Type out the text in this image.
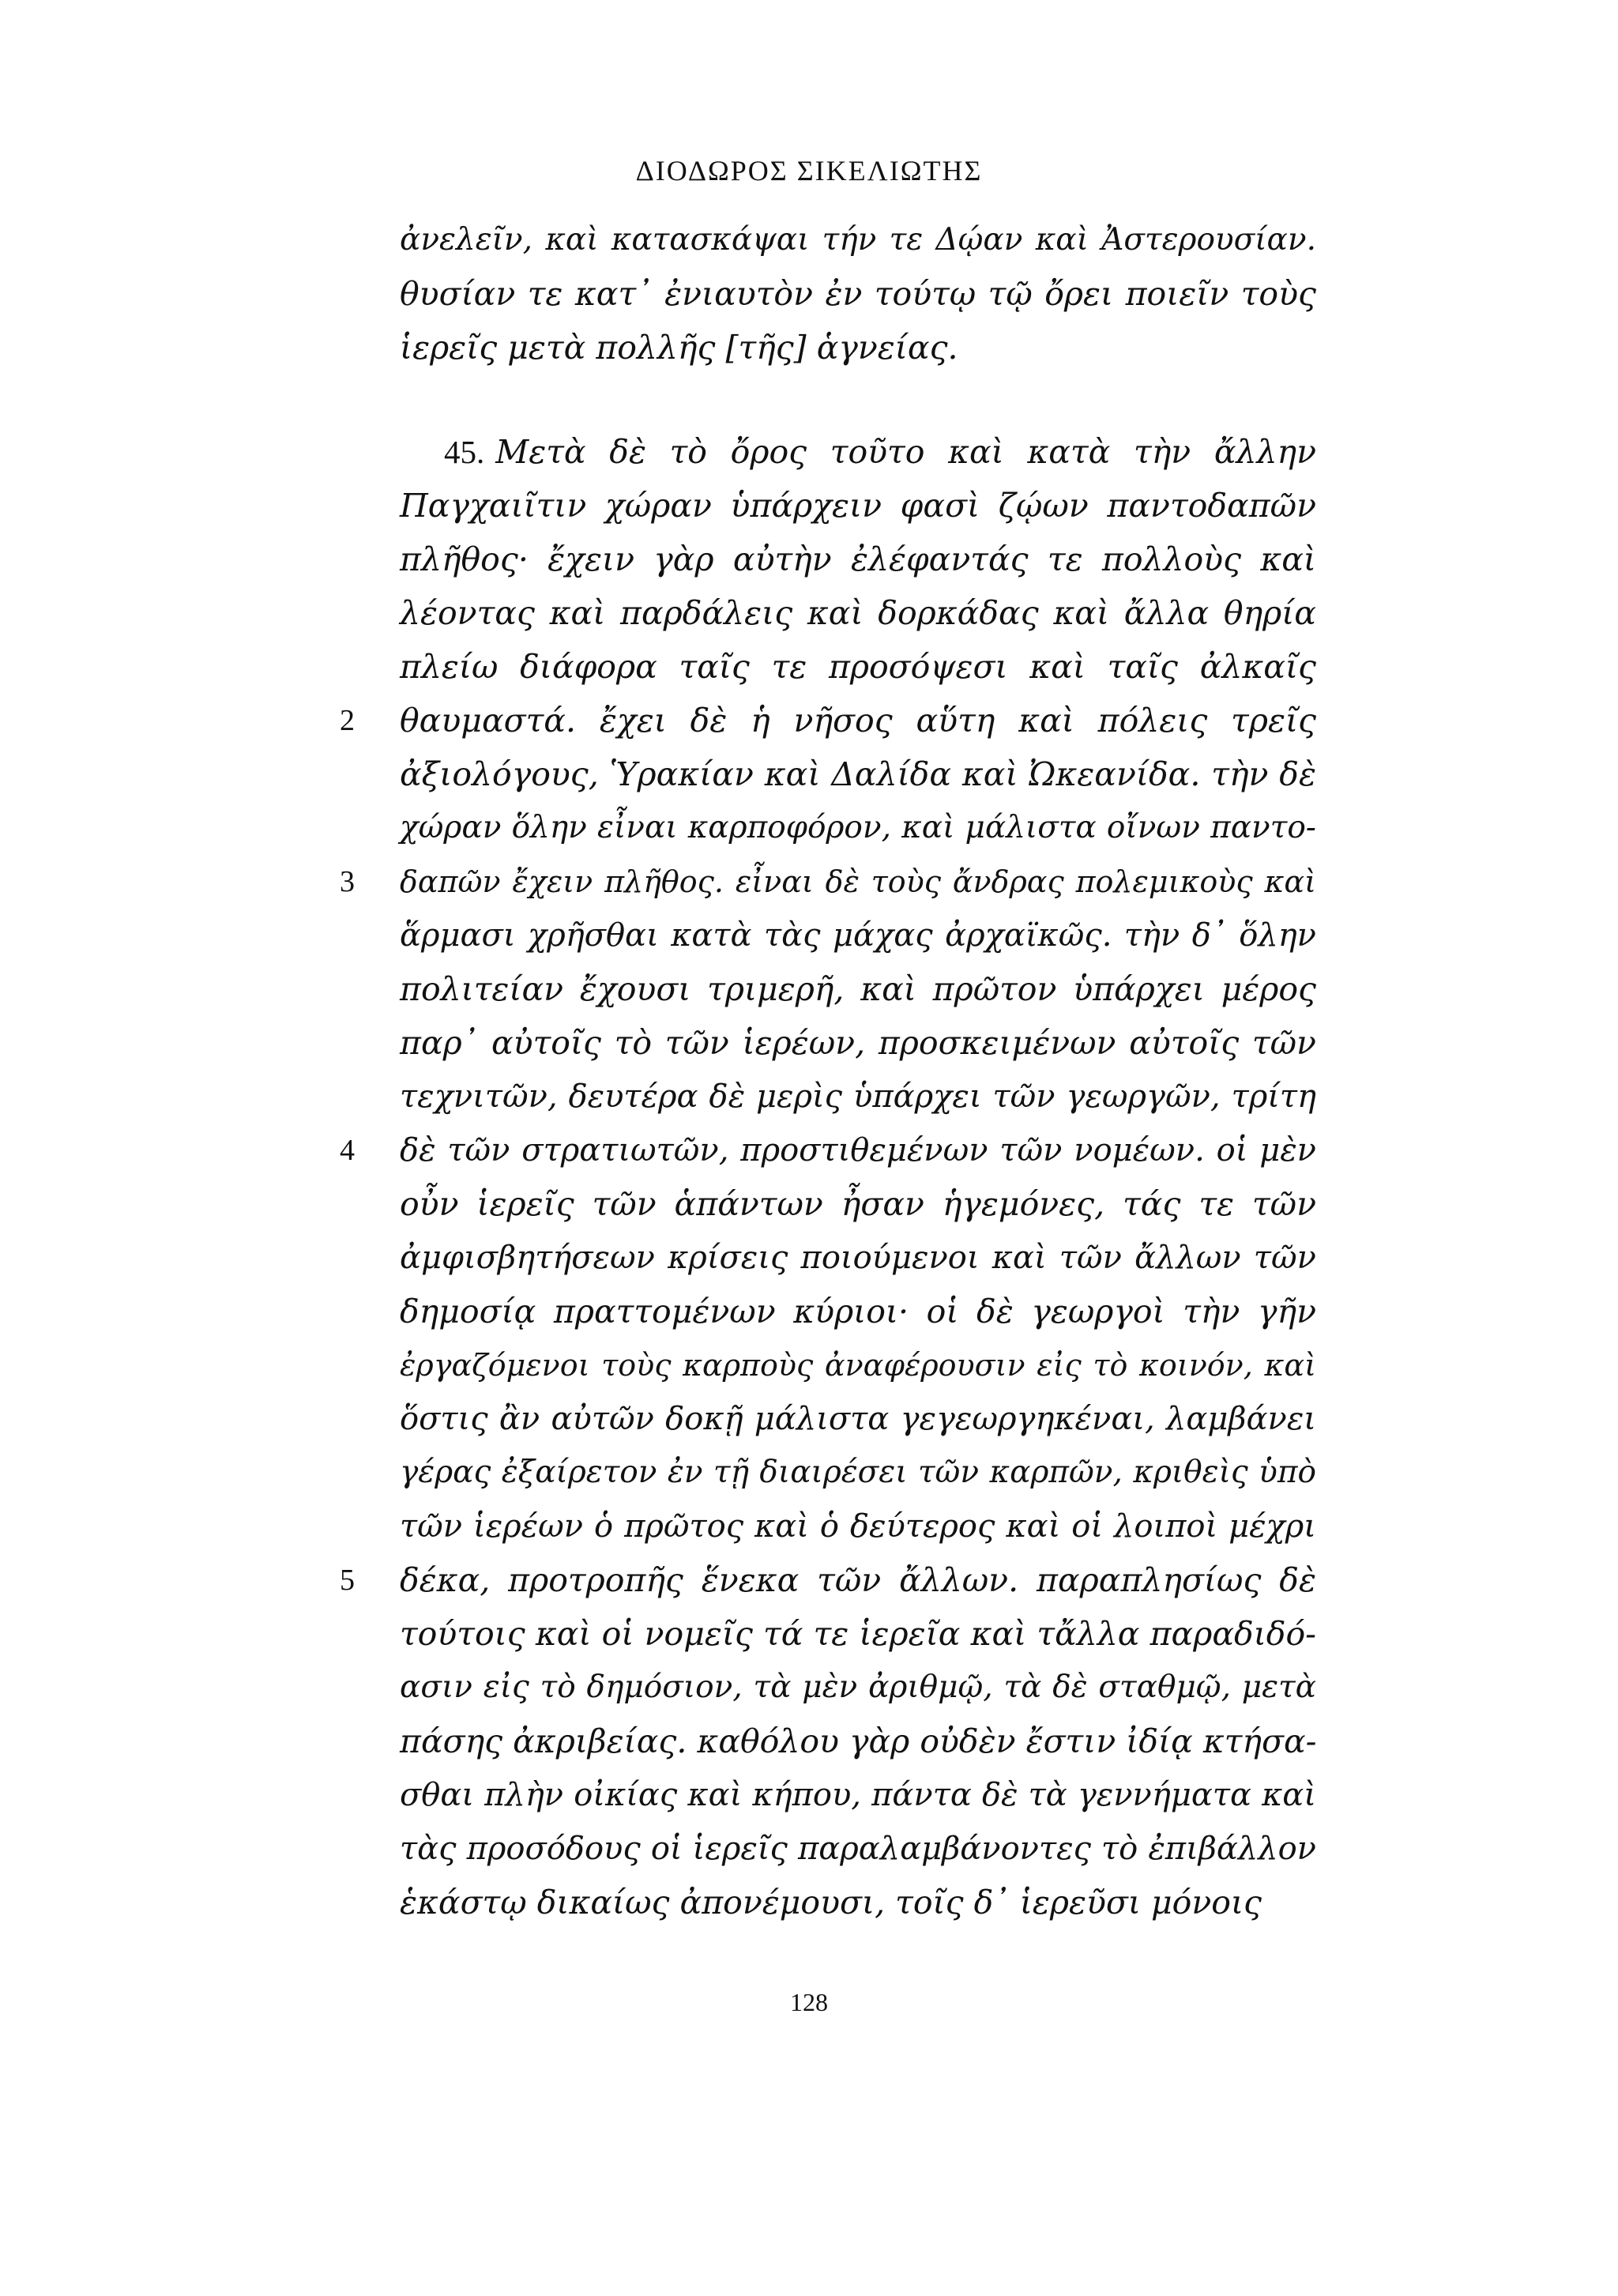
ΔΙΟΔΩΡΟΣ ΣΙΚΕΛΙΩΤΗΣ
ἀνελεῖν, καὶ κατασκάψαι τήν τε Δῴαν καὶ Ἀστερουσίαν.
θυσίαν τε κατ᾿ ἐνιαυτὸν ἐν τούτῳ τῷ ὄρει ποιεῖν τοὺς
ἱερεῖς μετὰ πολλῆς [τῆς] ἁγνείας.
45. Μετὰ δὲ τὸ ὄρος τοῦτο καὶ κατὰ τὴν ἄλλην
Παγχαιῖτιν χώραν ὑπάρχειν φασὶ ζῴων παντοδαπῶν
πλῆθος· ἔχειν γὰρ αὐτὴν ἐλέφαντάς τε πολλοὺς καὶ
λέοντας καὶ παρδάλεις καὶ δορκάδας καὶ ἄλλα θηρία
πλείω διάφορα ταῖς τε προσόψεσι καὶ ταῖς ἀλκαῖς
2	θαυμαστά. ἔχει δὲ ἡ νῆσος αὕτη καὶ πόλεις τρεῖς
ἀξιολόγους, Ὑρακίαν καὶ Δαλίδα καὶ Ὠκεανίδα. τὴν δὲ
χώραν ὅλην εἶναι καρποφόρον, καὶ μάλιστα οἴνων παντο-
3	δαπῶν ἔχειν πλῆθος. εἶναι δὲ τοὺς ἄνδρας πολεμικοὺς καὶ
ἅρμασι χρῆσθαι κατὰ τὰς μάχας ἀρχαϊκῶς. τὴν δ᾿ ὅλην
πολιτείαν ἔχουσι τριμερῆ, καὶ πρῶτον ὑπάρχει μέρος
παρ᾿ αὐτοῖς τὸ τῶν ἱερέων, προσκειμένων αὐτοῖς τῶν
τεχνιτῶν, δευτέρα δὲ μερὶς ὑπάρχει τῶν γεωργῶν, τρίτη
4	δὲ τῶν στρατιωτῶν, προστιθεμένων τῶν νομέων. οἱ μὲν
οὖν ἱερεῖς τῶν ἁπάντων ἦσαν ἡγεμόνες, τάς τε τῶν
ἀμφισβητήσεων κρίσεις ποιούμενοι καὶ τῶν ἄλλων τῶν
δημοσίᾳ πραττομένων κύριοι· οἱ δὲ γεωργοὶ τὴν γῆν
ἐργαζόμενοι τοὺς καρποὺς ἀναφέρουσιν εἰς τὸ κοινόν, καὶ
ὅστις ἂν αὐτῶν δοκῇ μάλιστα γεγεωργηκέναι, λαμβάνει
γέρας ἐξαίρετον ἐν τῇ διαιρέσει τῶν καρπῶν, κριθεὶς ὑπὸ
τῶν ἱερέων ὁ πρῶτος καὶ ὁ δεύτερος καὶ οἱ λοιποὶ μέχρι
5	δέκα, προτροπῆς ἕνεκα τῶν ἄλλων. παραπλησίως δὲ
τούτοις καὶ οἱ νομεῖς τά τε ἱερεῖα καὶ τἄλλα παραδιδό-
ασιν εἰς τὸ δημόσιον, τὰ μὲν ἀριθμῷ, τὰ δὲ σταθμῷ, μετὰ
πάσης ἀκριβείας. καθόλου γὰρ οὐδὲν ἔστιν ἰδίᾳ κτήσα-
σθαι πλὴν οἰκίας καὶ κήπου, πάντα δὲ τὰ γεννήματα καὶ
τὰς προσόδους οἱ ἱερεῖς παραλαμβάνοντες τὸ ἐπιβάλλον
ἑκάστῳ δικαίως ἀπονέμουσι, τοῖς δ᾿ ἱερεῦσι μόνοις
128
